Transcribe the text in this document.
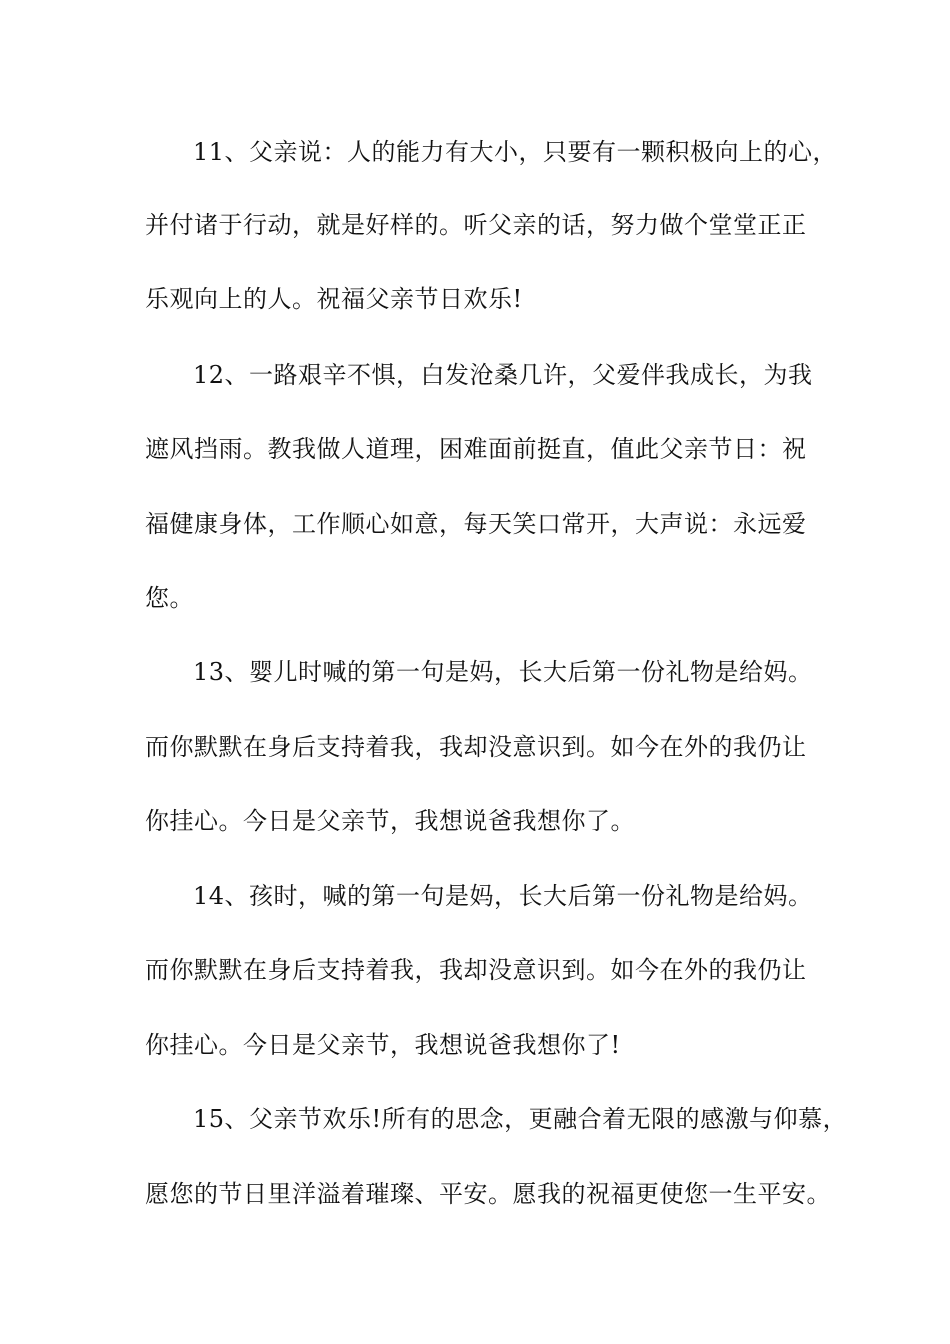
11、父亲说：人的能力有大小，只要有一颗积极向上的心，
并付诸于行动，就是好样的。听父亲的话，努力做个堂堂正正
乐观向上的人。祝福父亲节日欢乐!
12、一路艰辛不惧，白发沧桑几许，父爱伴我成长，为我
遮风挡雨。教我做人道理，困难面前挺直，值此父亲节日：祝
福健康身体，工作顺心如意，每天笑口常开，大声说：永远爱
您。
13、婴儿时喊的第一句是妈，长大后第一份礼物是给妈。
而你默默在身后支持着我，我却没意识到。如今在外的我仍让
你挂心。今日是父亲节，我想说爸我想你了。
14、孩时，喊的第一句是妈，长大后第一份礼物是给妈。
而你默默在身后支持着我，我却没意识到。如今在外的我仍让
你挂心。今日是父亲节，我想说爸我想你了!
15、父亲节欢乐!所有的思念，更融合着无限的感激与仰慕，
愿您的节日里洋溢着璀璨、平安。愿我的祝福更使您一生平安。
